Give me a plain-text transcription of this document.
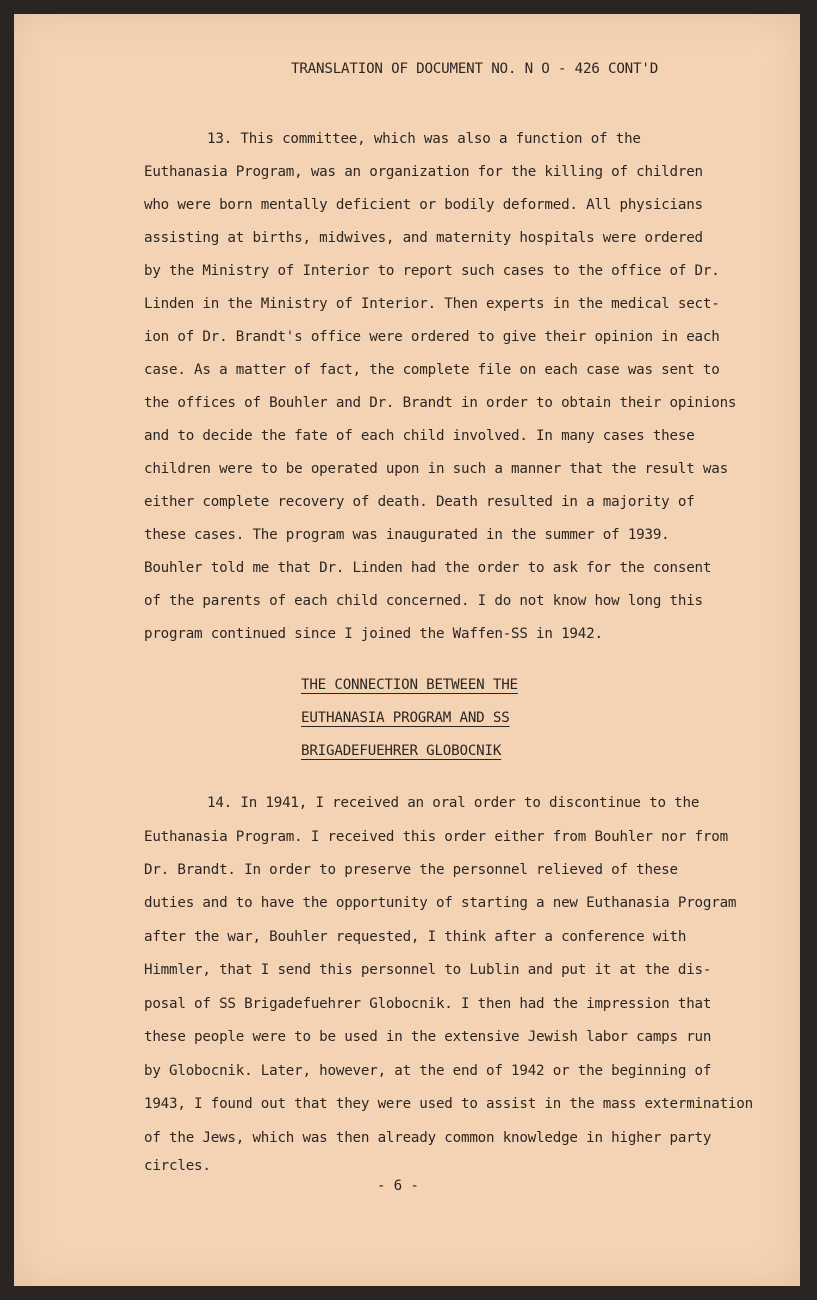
TRANSLATION OF DOCUMENT NO. N O - 426 CONT'D
13. This committee, which was also a function of the
Euthanasia Program, was an organization for the killing of children
who were born mentally deficient or bodily deformed. All physicians
assisting at births, midwives, and maternity hospitals were ordered
by the Ministry of Interior to report such cases to the office of Dr.
Linden in the Ministry of Interior. Then experts in the medical sect-
ion of Dr. Brandt's office were ordered to give their opinion in each
case. As a matter of fact, the complete file on each case was sent to
the offices of Bouhler and Dr. Brandt in order to obtain their opinions
and to decide the fate of each child involved. In many cases these
children were to be operated upon in such a manner that the result was
either complete recovery of death. Death resulted in a majority of
these cases. The program was inaugurated in the summer of 1939.
Bouhler told me that Dr. Linden had the order to ask for the consent
of the parents of each child concerned. I do not know how long this
program continued since I joined the Waffen-SS in 1942.
THE CONNECTION BETWEEN THE
EUTHANASIA PROGRAM AND SS
BRIGADEFUEHRER GLOBOCNIK
14. In 1941, I received an oral order to discontinue to the
Euthanasia Program. I received this order either from Bouhler nor from
Dr. Brandt. In order to preserve the personnel relieved of these
duties and to have the opportunity of starting a new Euthanasia Program
after the war, Bouhler requested, I think after a conference with
Himmler, that I send this personnel to Lublin and put it at the dis-
posal of SS Brigadefuehrer Globocnik. I then had the impression that
these people were to be used in the extensive Jewish labor camps run
by Globocnik. Later, however, at the end of 1942 or the beginning of
1943, I found out that they were used to assist in the mass extermination
of the Jews, which was then already common knowledge in higher party
circles.
- 6 -
